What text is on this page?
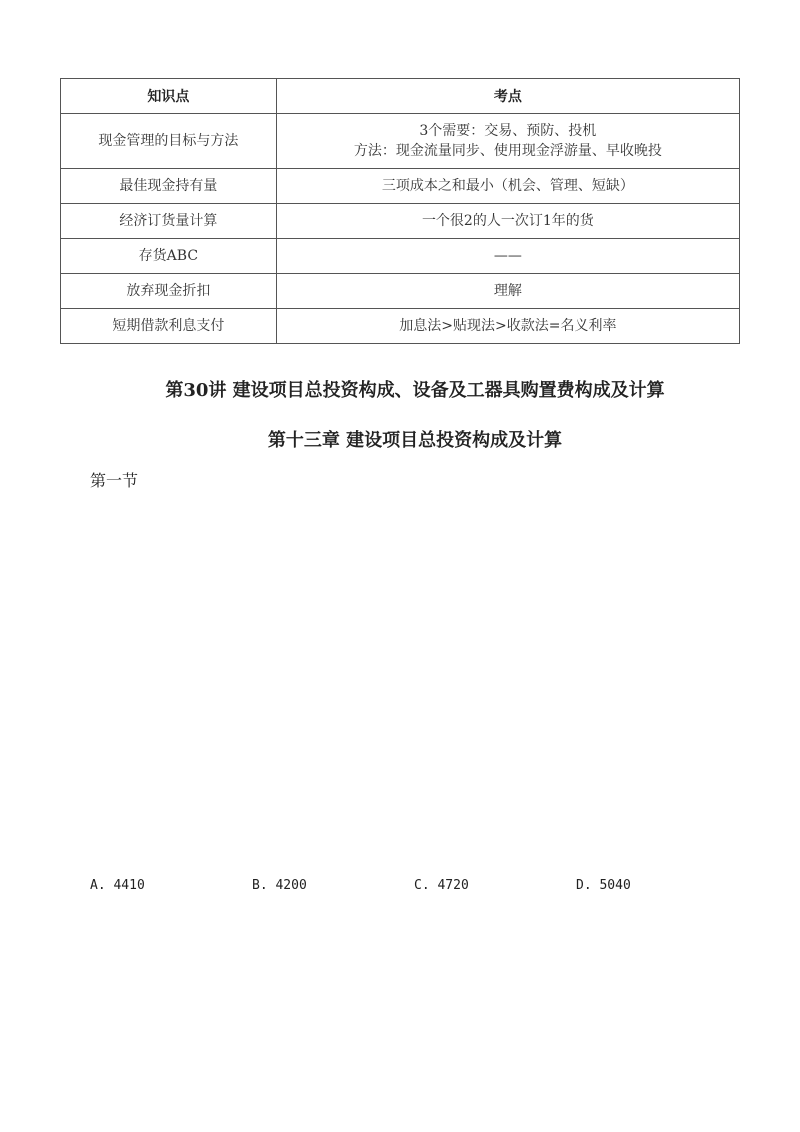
知识点	考点
现金管理的目标与方法	3个需要：交易、预防、投机
方法：现金流量同步、使用现金浮游量、早收晚投

最佳现金持有量	三项成本之和最小（机会、管理、短缺）
经济订货量计算	一个很2的人一次订1年的货
存货ABC	——
放弃现金折扣	理解
短期借款利息支付	加息法>贴现法>收款法=名义利率
第30讲 建设项目总投资构成、设备及工器具购置费构成及计算
第十三章 建设项目总投资构成及计算
第一节
A. 4410	B. 4200	C. 4720	D. 5040
